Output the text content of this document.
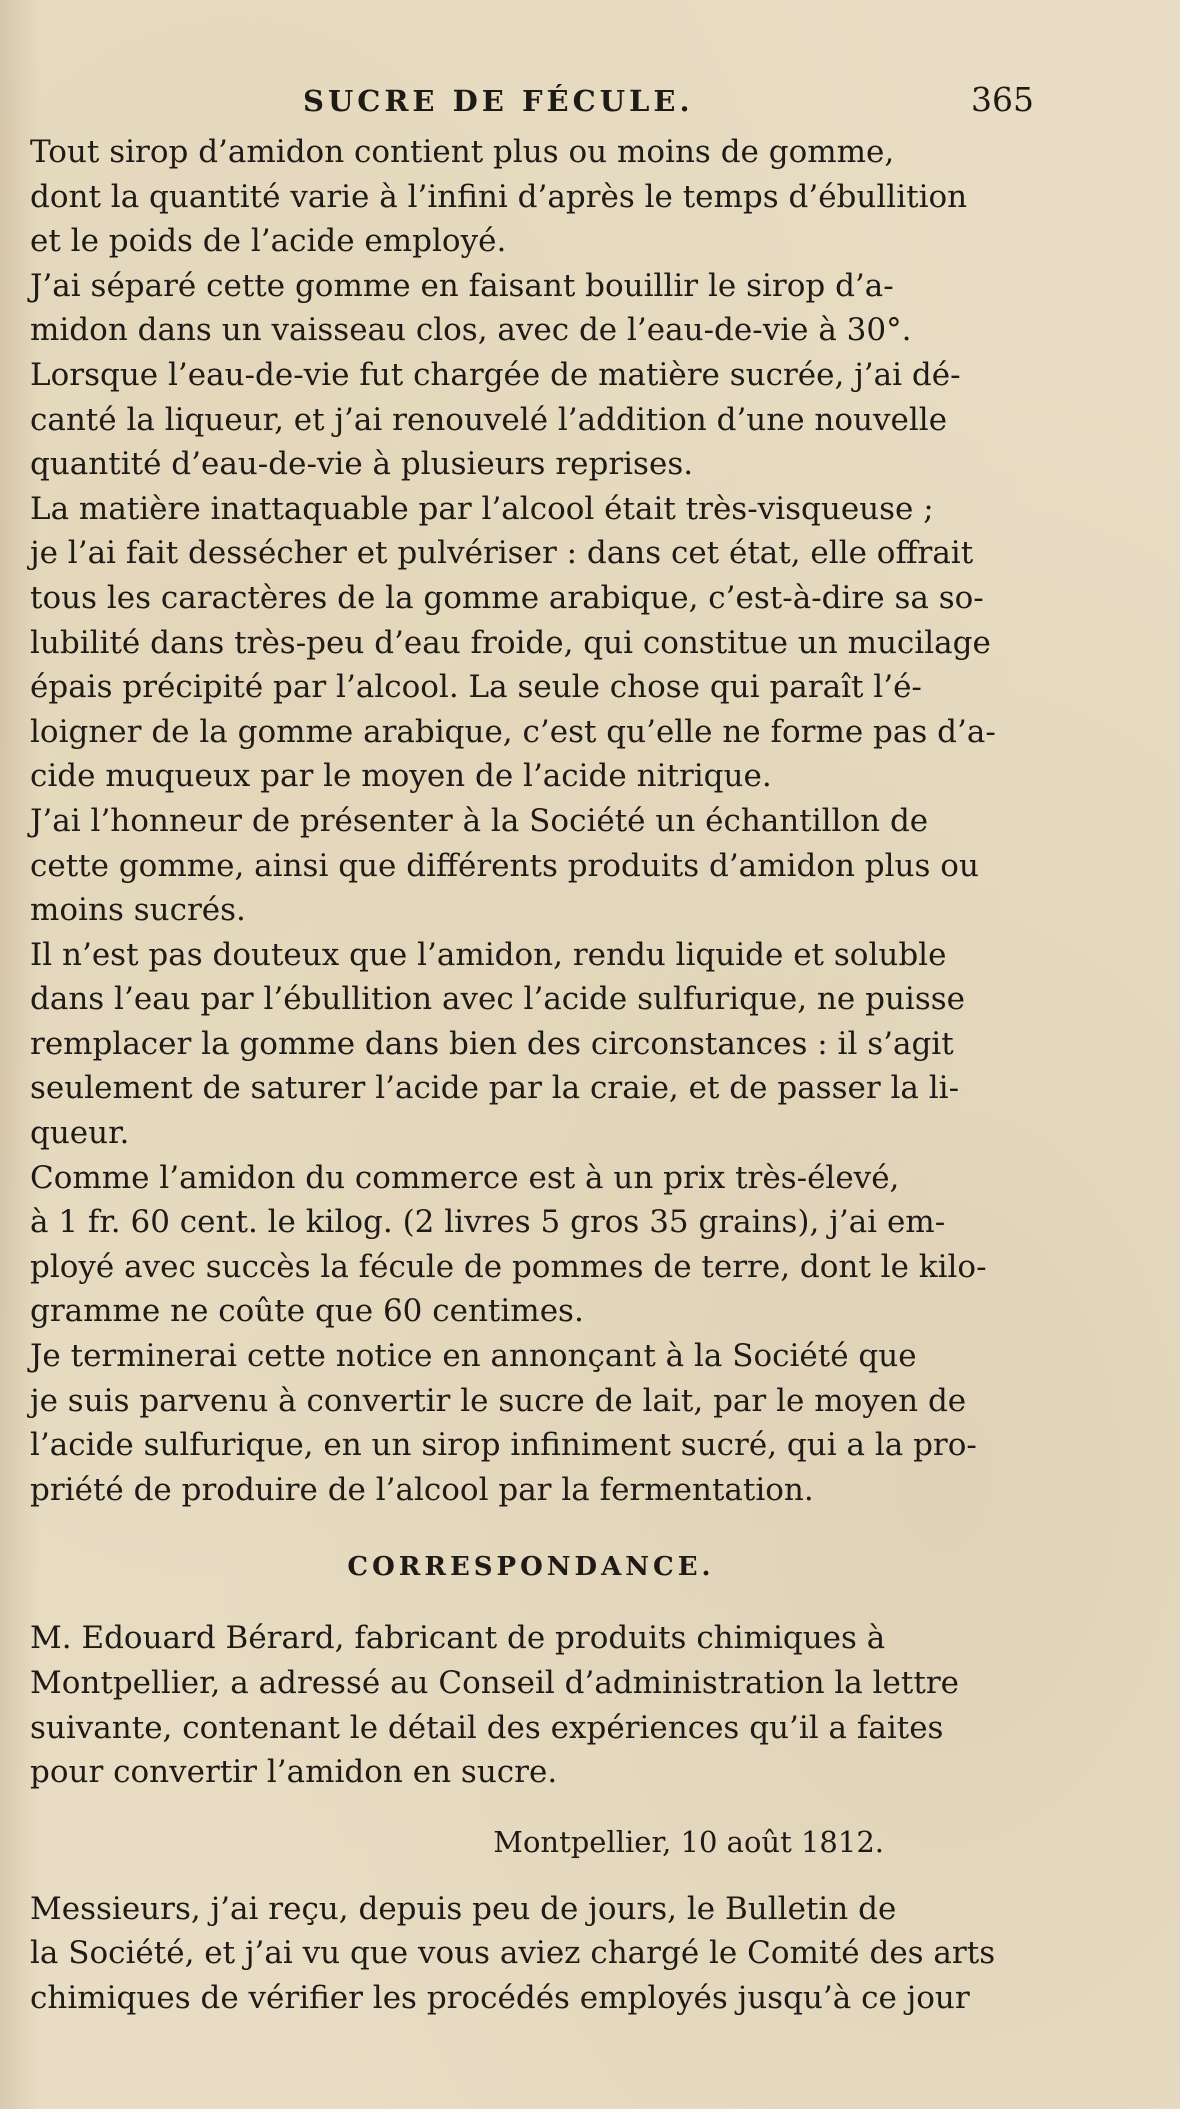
SUCRE DE FÉCULE.	365
Tout sirop d’amidon contient plus ou moins de gomme,
dont la quantité varie à l’infini d’après le temps d’ébullition
et le poids de l’acide employé.
J’ai séparé cette gomme en faisant bouillir le sirop d’a-
midon dans un vaisseau clos, avec de l’eau-de-vie à 30°.
Lorsque l’eau-de-vie fut chargée de matière sucrée, j’ai dé-
canté la liqueur, et j’ai renouvelé l’addition d’une nouvelle
quantité d’eau-de-vie à plusieurs reprises.
La matière inattaquable par l’alcool était très-visqueuse ;
je l’ai fait dessécher et pulvériser : dans cet état, elle offrait
tous les caractères de la gomme arabique, c’est-à-dire sa so-
lubilité dans très-peu d’eau froide, qui constitue un mucilage
épais précipité par l’alcool. La seule chose qui paraît l’é-
loigner de la gomme arabique, c’est qu’elle ne forme pas d’a-
cide muqueux par le moyen de l’acide nitrique.
J’ai l’honneur de présenter à la Société un échantillon de
cette gomme, ainsi que différents produits d’amidon plus ou
moins sucrés.
Il n’est pas douteux que l’amidon, rendu liquide et soluble
dans l’eau par l’ébullition avec l’acide sulfurique, ne puisse
remplacer la gomme dans bien des circonstances : il s’agit
seulement de saturer l’acide par la craie, et de passer la li-
queur.
Comme l’amidon du commerce est à un prix très-élevé,
à 1 fr. 60 cent. le kilog. (2 livres 5 gros 35 grains), j’ai em-
ployé avec succès la fécule de pommes de terre, dont le kilo-
gramme ne coûte que 60 centimes.
Je terminerai cette notice en annonçant à la Société que
je suis parvenu à convertir le sucre de lait, par le moyen de
l’acide sulfurique, en un sirop infiniment sucré, qui a la pro-
priété de produire de l’alcool par la fermentation.
CORRESPONDANCE.
M. Edouard Bérard, fabricant de produits chimiques à
Montpellier, a adressé au Conseil d’administration la lettre
suivante, contenant le détail des expériences qu’il a faites
pour convertir l’amidon en sucre.
Montpellier, 10 août 1812.
Messieurs, j’ai reçu, depuis peu de jours, le Bulletin de
la Société, et j’ai vu que vous aviez chargé le Comité des arts
chimiques de vérifier les procédés employés jusqu’à ce jour
